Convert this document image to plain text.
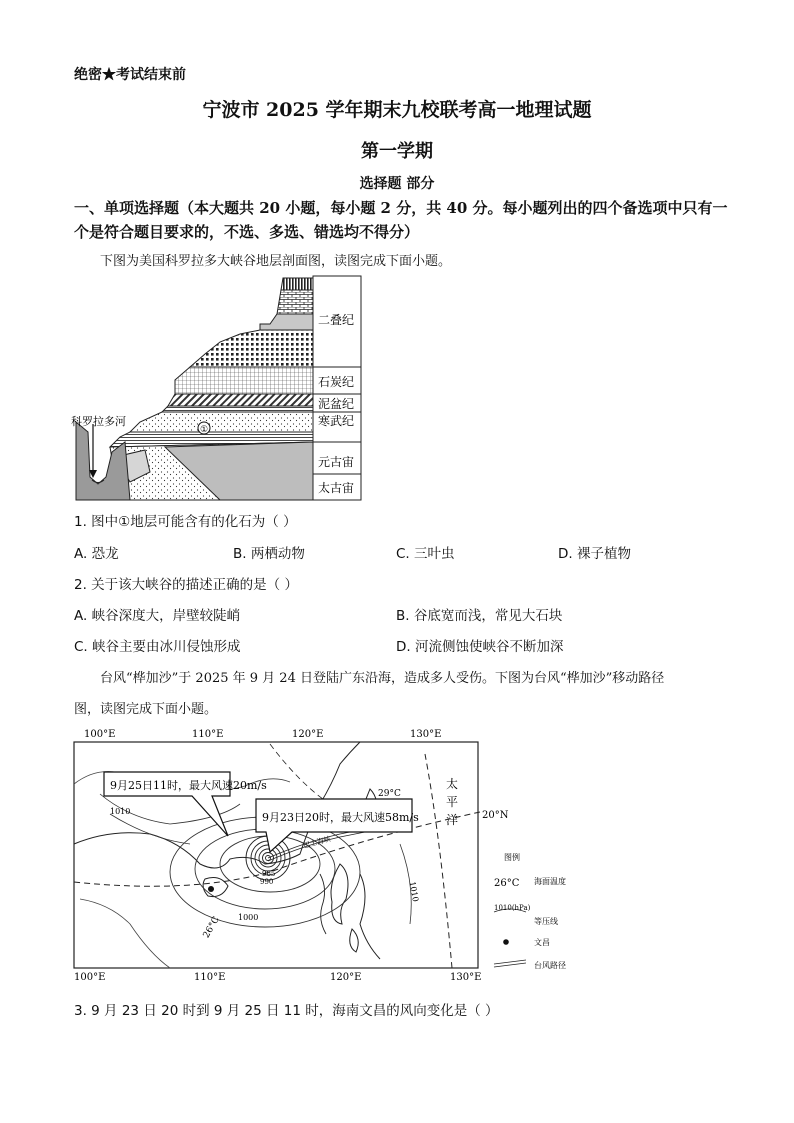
绝密★考试结束前
宁波市 2025 学年期末九校联考高一地理试题
第一学期
选择题 部分
一、单项选择题（本大题共 20 小题，每小题 2 分，共 40 分。每小题列出的四个备选项中只有一个是符合题目要求的，不选、多选、错选均不得分）
下图为美国科罗拉多大峡谷地层剖面图，读图完成下面小题。
①
科罗拉多河
二叠纪
石炭纪
泥盆纪
寒武纪
元古宙
太古宙
1. 图中①地层可能含有的化石为（ ）
A. 恐龙	B. 两栖动物	C. 三叶虫	D. 裸子植物
2. 关于该大峡谷的描述正确的是（ ）
A. 峡谷深度大，岸壁较陡峭	B. 谷底宽而浅，常见大石块
C. 峡谷主要由冰川侵蚀形成	D. 河流侧蚀使峡谷不断加深
台风“桦加沙”于 2025 年 9 月 24 日登陆广东沿海，造成多人受伤。下图为台风“桦加沙”移动路径
图，读图完成下面小题。
100°E	110°E	120°E	130°E
100°E	110°E	120°E	130°E
20°N
9月25日11时，最大风速20m/s
9月23日20时，最大风速58m/s
太
平
洋
1010
1000
990
985
1010
29°C
26°C
巴士海峡
图例
26°C 海面温度
1010(hPa)
等压线
文昌
台风路径
3. 9 月 23 日 20 时到 9 月 25 日 11 时，海南文昌的风向变化是（ ）
